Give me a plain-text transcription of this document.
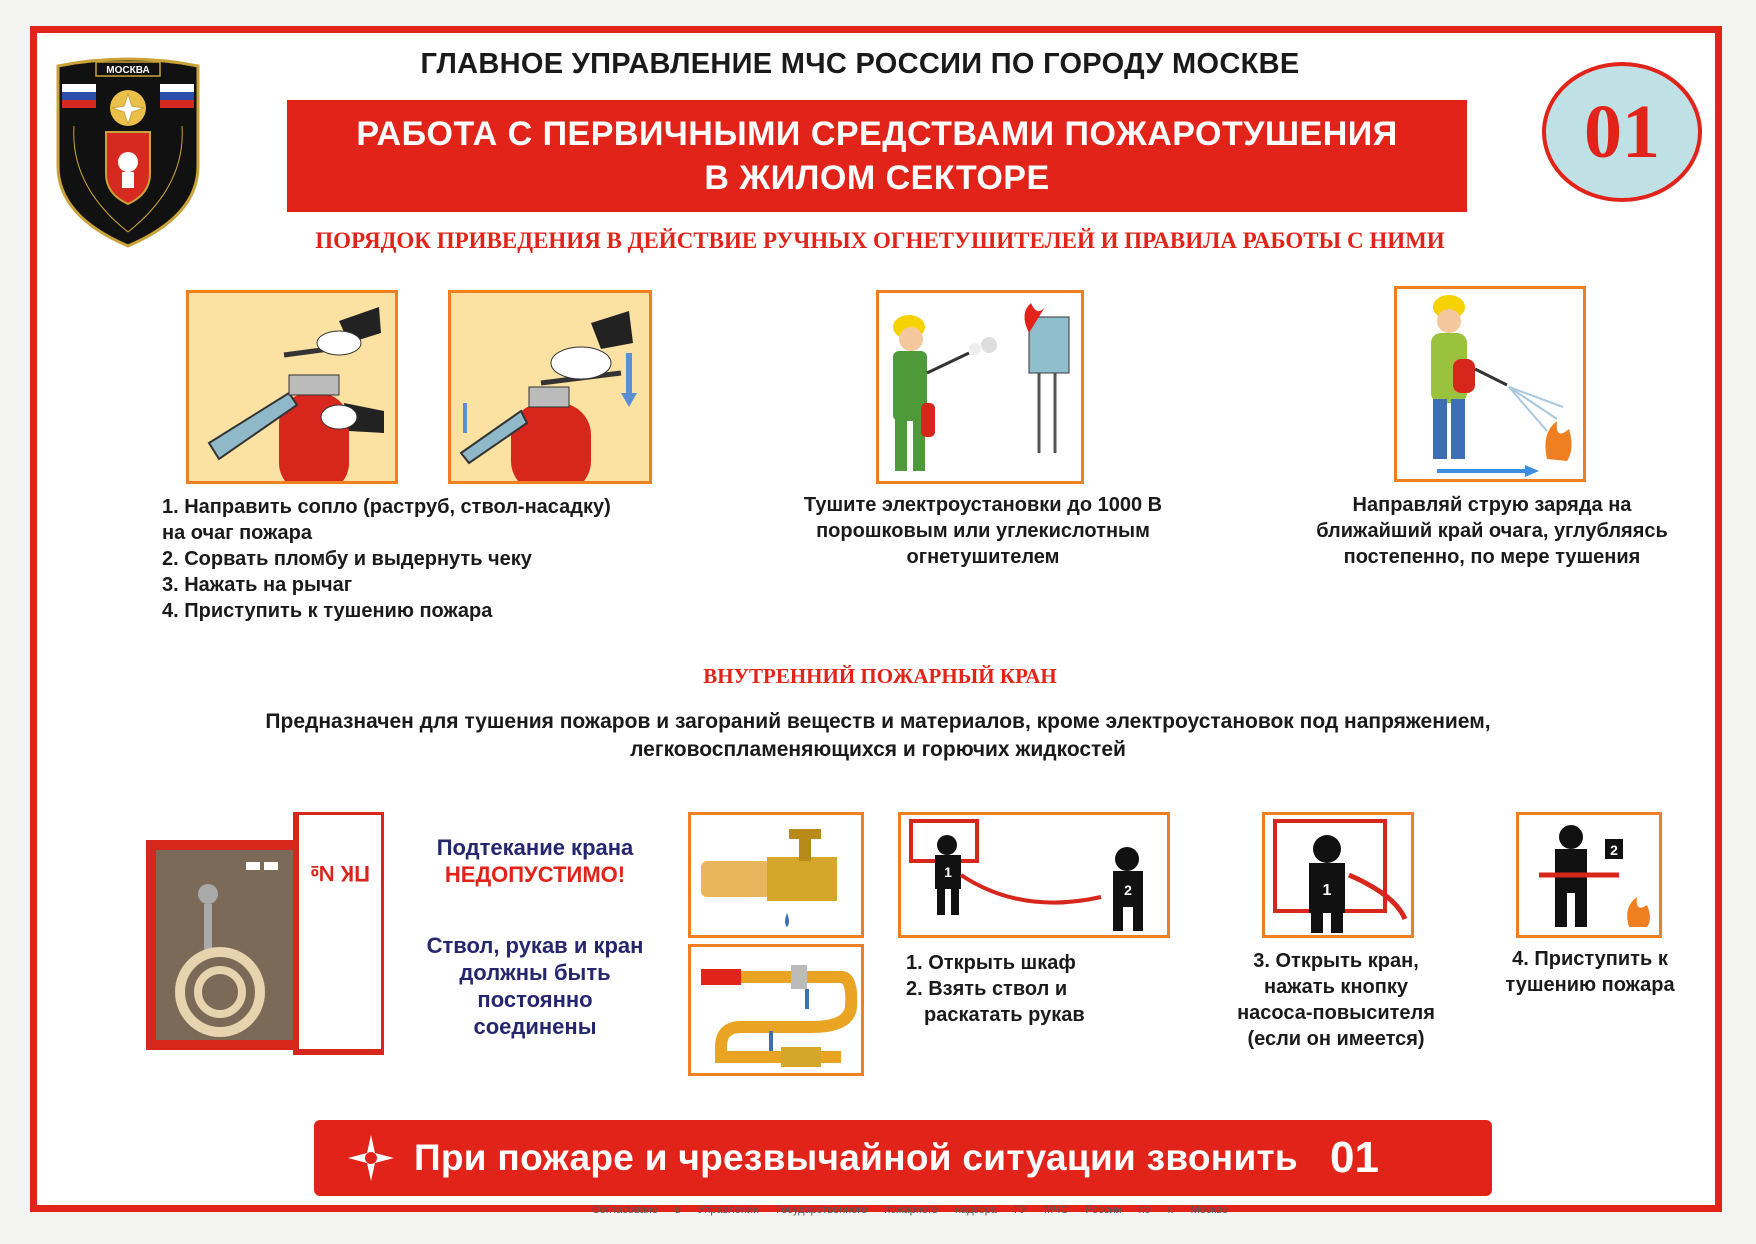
МОСКВА	ГЛАВНОЕ УПРАВЛЕНИЕ МЧС РОССИИ ПО ГОРОДУ МОСКВЕ
РАБОТА С ПЕРВИЧНЫМИ СРЕДСТВАМИ ПОЖАРОТУШЕНИЯ
В ЖИЛОМ СЕКТОРЕ
01
ПОРЯДОК ПРИВЕДЕНИЯ В ДЕЙСТВИЕ РУЧНЫХ ОГНЕТУШИТЕЛЕЙ И ПРАВИЛА РАБОТЫ С НИМИ
1. Направить сопло (раструб, ствол-насадку)
на очаг пожара
2. Сорвать пломбу и выдернуть чеку
3. Нажать на рычаг
4. Приступить к тушению пожара
Тушите электроустановки до 1000 В
порошковым или углекислотным
огнетушителем
Направляй струю заряда на
ближайший край очага, углубляясь
постепенно, по мере тушения
ВНУТРЕННИЙ ПОЖАРНЫЙ КРАН
Предназначен для тушения пожаров и загораний веществ и материалов, кроме электроустановок под напряжением,
легковоспламеняющихся и горючих жидкостей
ПК №
Подтекание крана
НЕДОПУСТИМО!
Ствол, рукав и кран
должны быть
постоянно
соединены
1
2
1. Открыть шкаф
2. Взять ствол и
раскатать рукав
1
3. Открыть кран,
нажать кнопку
насоса-повысителя
(если он имеется)
2
4. Приступить к
тушению пожара
При пожаре и чрезвычайной ситуации звонить 01
Согласовано в Управлении Государственного пожарного надзора ГУ МЧС России по г. Москве
